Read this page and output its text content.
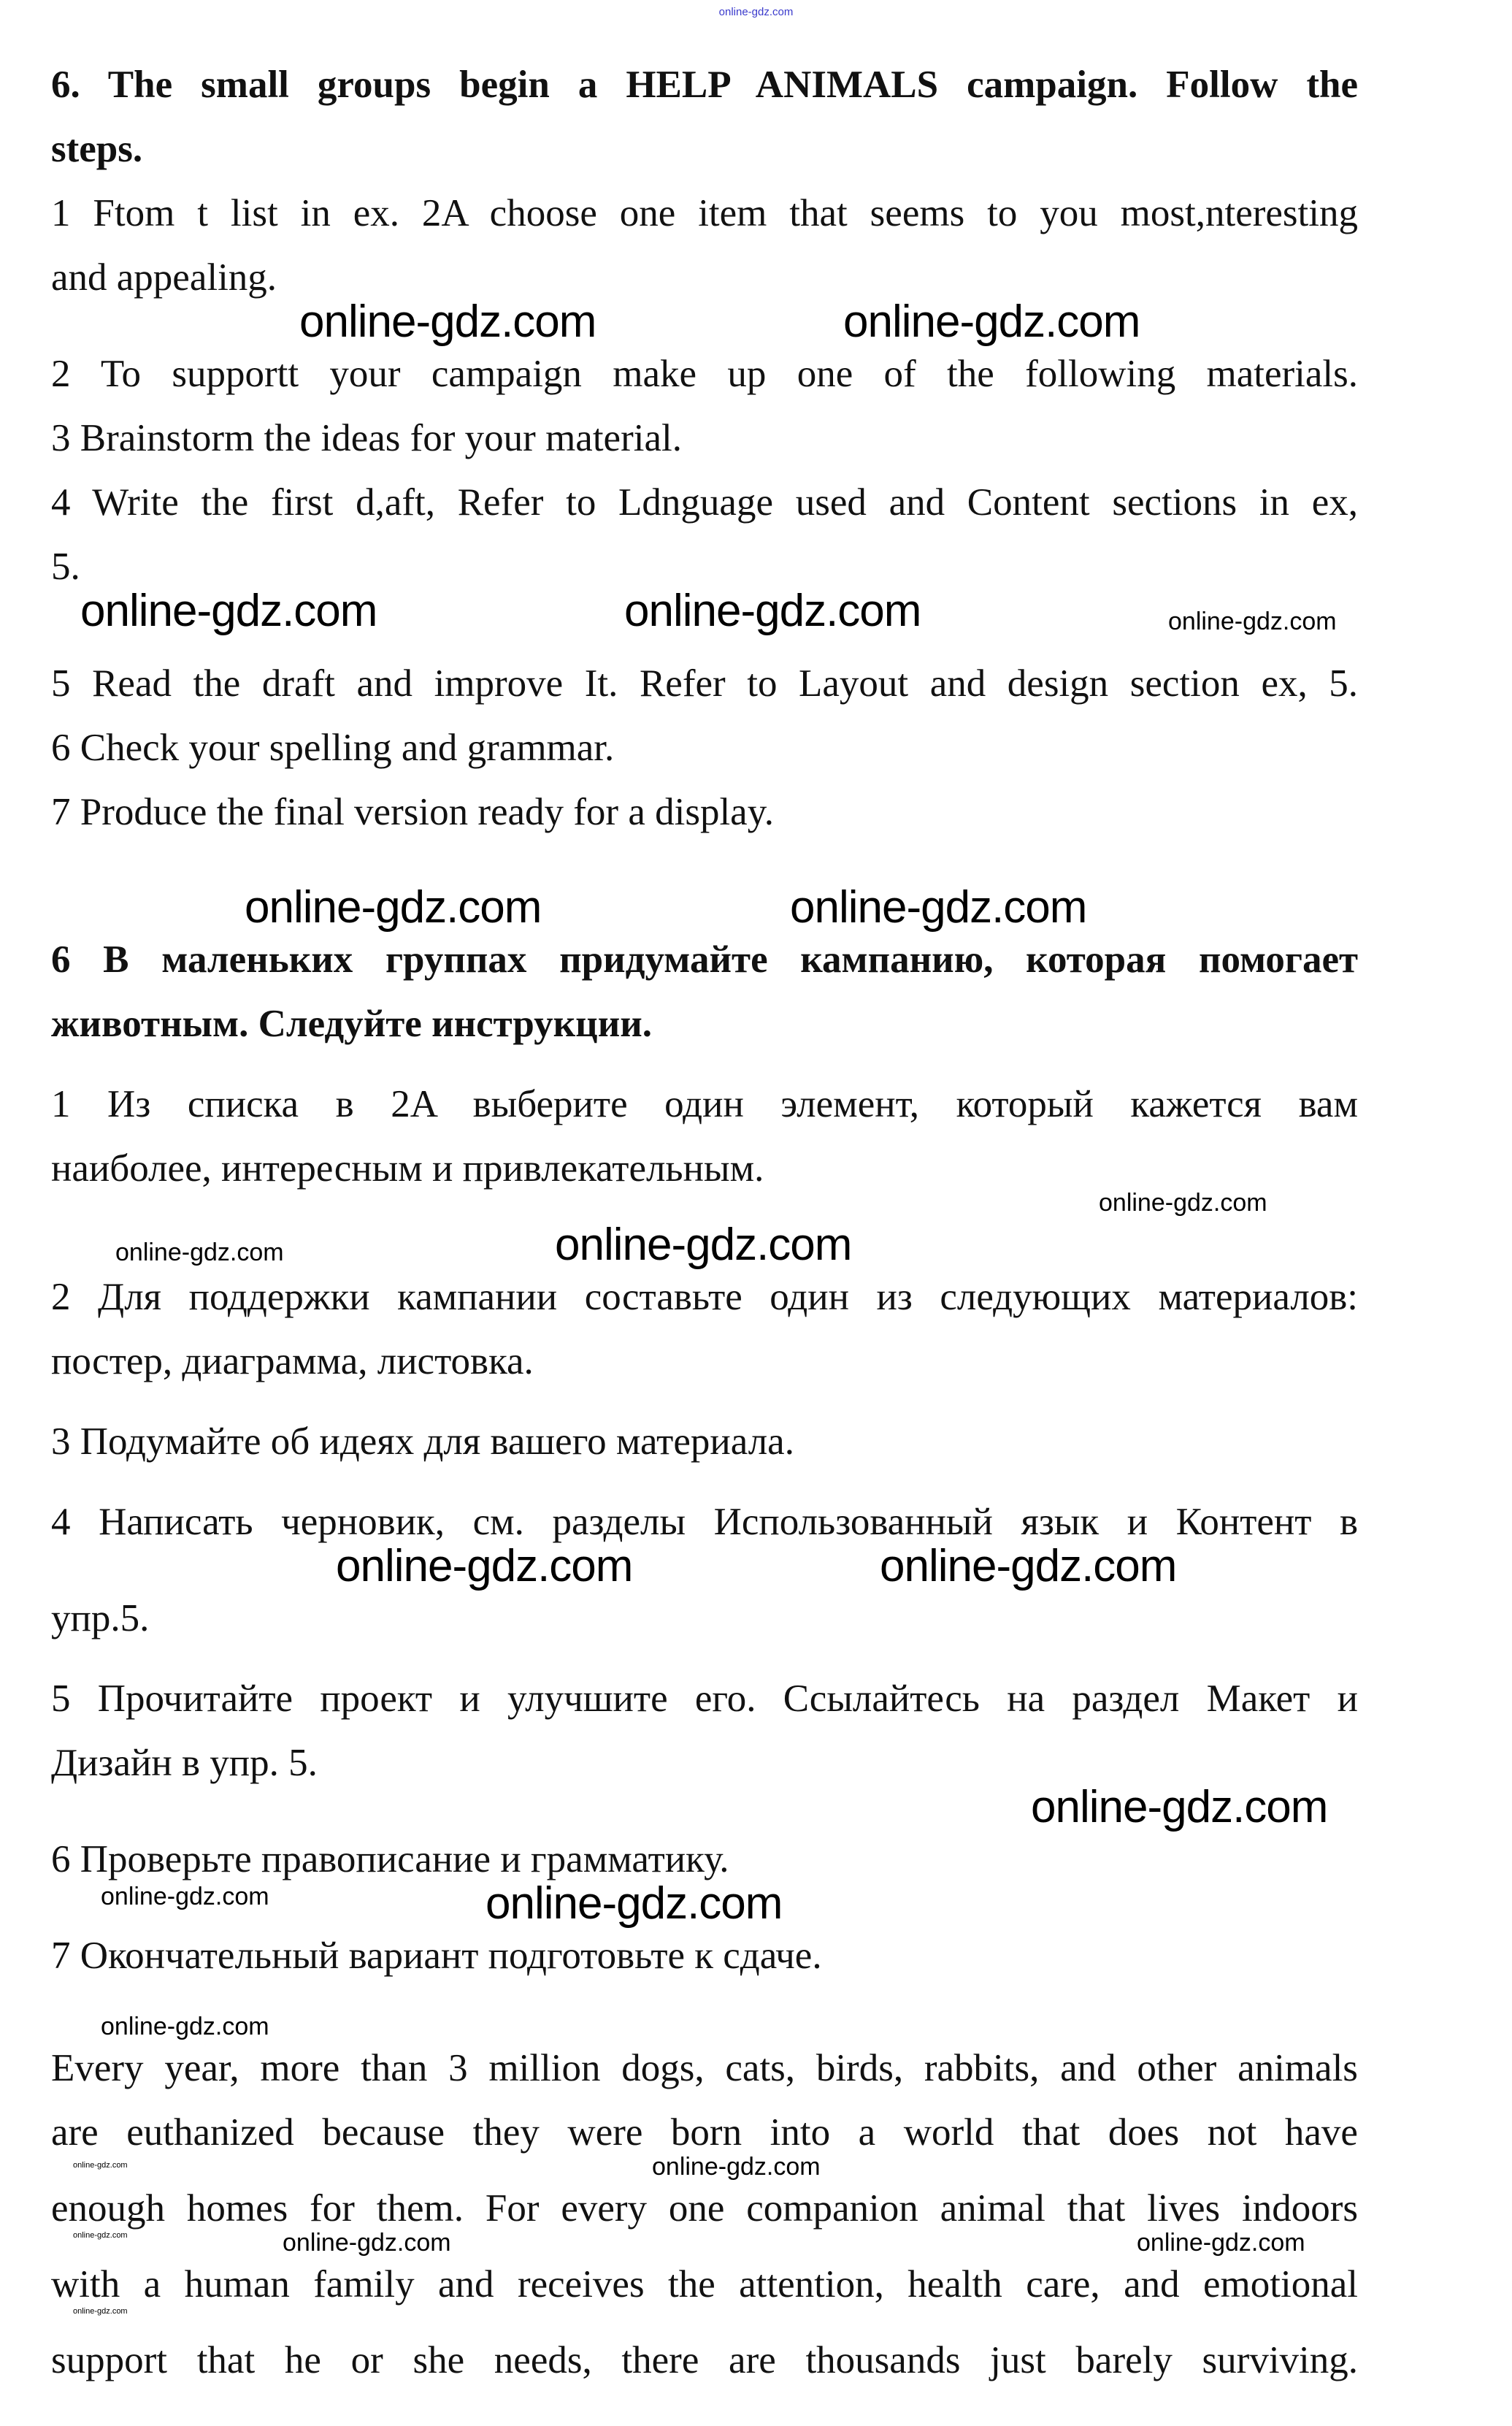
online-gdz.com

6. The small groups begin a HELP ANIMALS campaign. Follow the

steps.

1 Ftom t list in ex. 2A choose one item that seems to you most,nteresting

and appealing.

online-gdz.com	online-gdz.com

2 To supportt your campaign make up one of the following materials.

3 Brainstorm the ideas for your material.

4 Write the first d,aft, Refer to Ldnguage used and Content sections in ex,

5.

online-gdz.com	online-gdz.com	online-gdz.com

5 Read the draft and improve It. Refer to Layout and design section ex, 5.

6 Check your spelling and grammar.

7 Produce the final version ready for a display.

online-gdz.com	online-gdz.com

6 В маленьких группах придумайте кампанию, которая помогает

животным. Следуйте инструкции.

1 Из списка в 2A выберите один элемент, который кажется вам

наиболее, интересным и привлекательным.

online-gdz.com
online-gdz.com	online-gdz.com

2 Для поддержки кампании составьте один из следующих материалов:

постер, диаграмма, листовка.

3 Подумайте об идеях для вашего материала.

4 Написать черновик, см. разделы Использованный язык и Контент в

online-gdz.com	online-gdz.com

упр.5.

5 Прочитайте проект и улучшите его. Ссылайтесь на раздел Макет и

Дизайн в упр. 5.

online-gdz.com

6 Проверьте правописание и грамматику.

online-gdz.com	online-gdz.com

7 Окончательный вариант подготовьте к сдаче.

online-gdz.com

Every year, more than 3 million dogs, cats, birds, rabbits, and other animals

are euthanized because they were born into a world that does not have

online-gdz.com	online-gdz.com

enough homes for them. For every one companion animal that lives indoors

online-gdz.com	online-gdz.com	online-gdz.com

with a human family and receives the attention, health care, and emotional

online-gdz.com

support that he or she needs, there are thousands just barely surviving.
